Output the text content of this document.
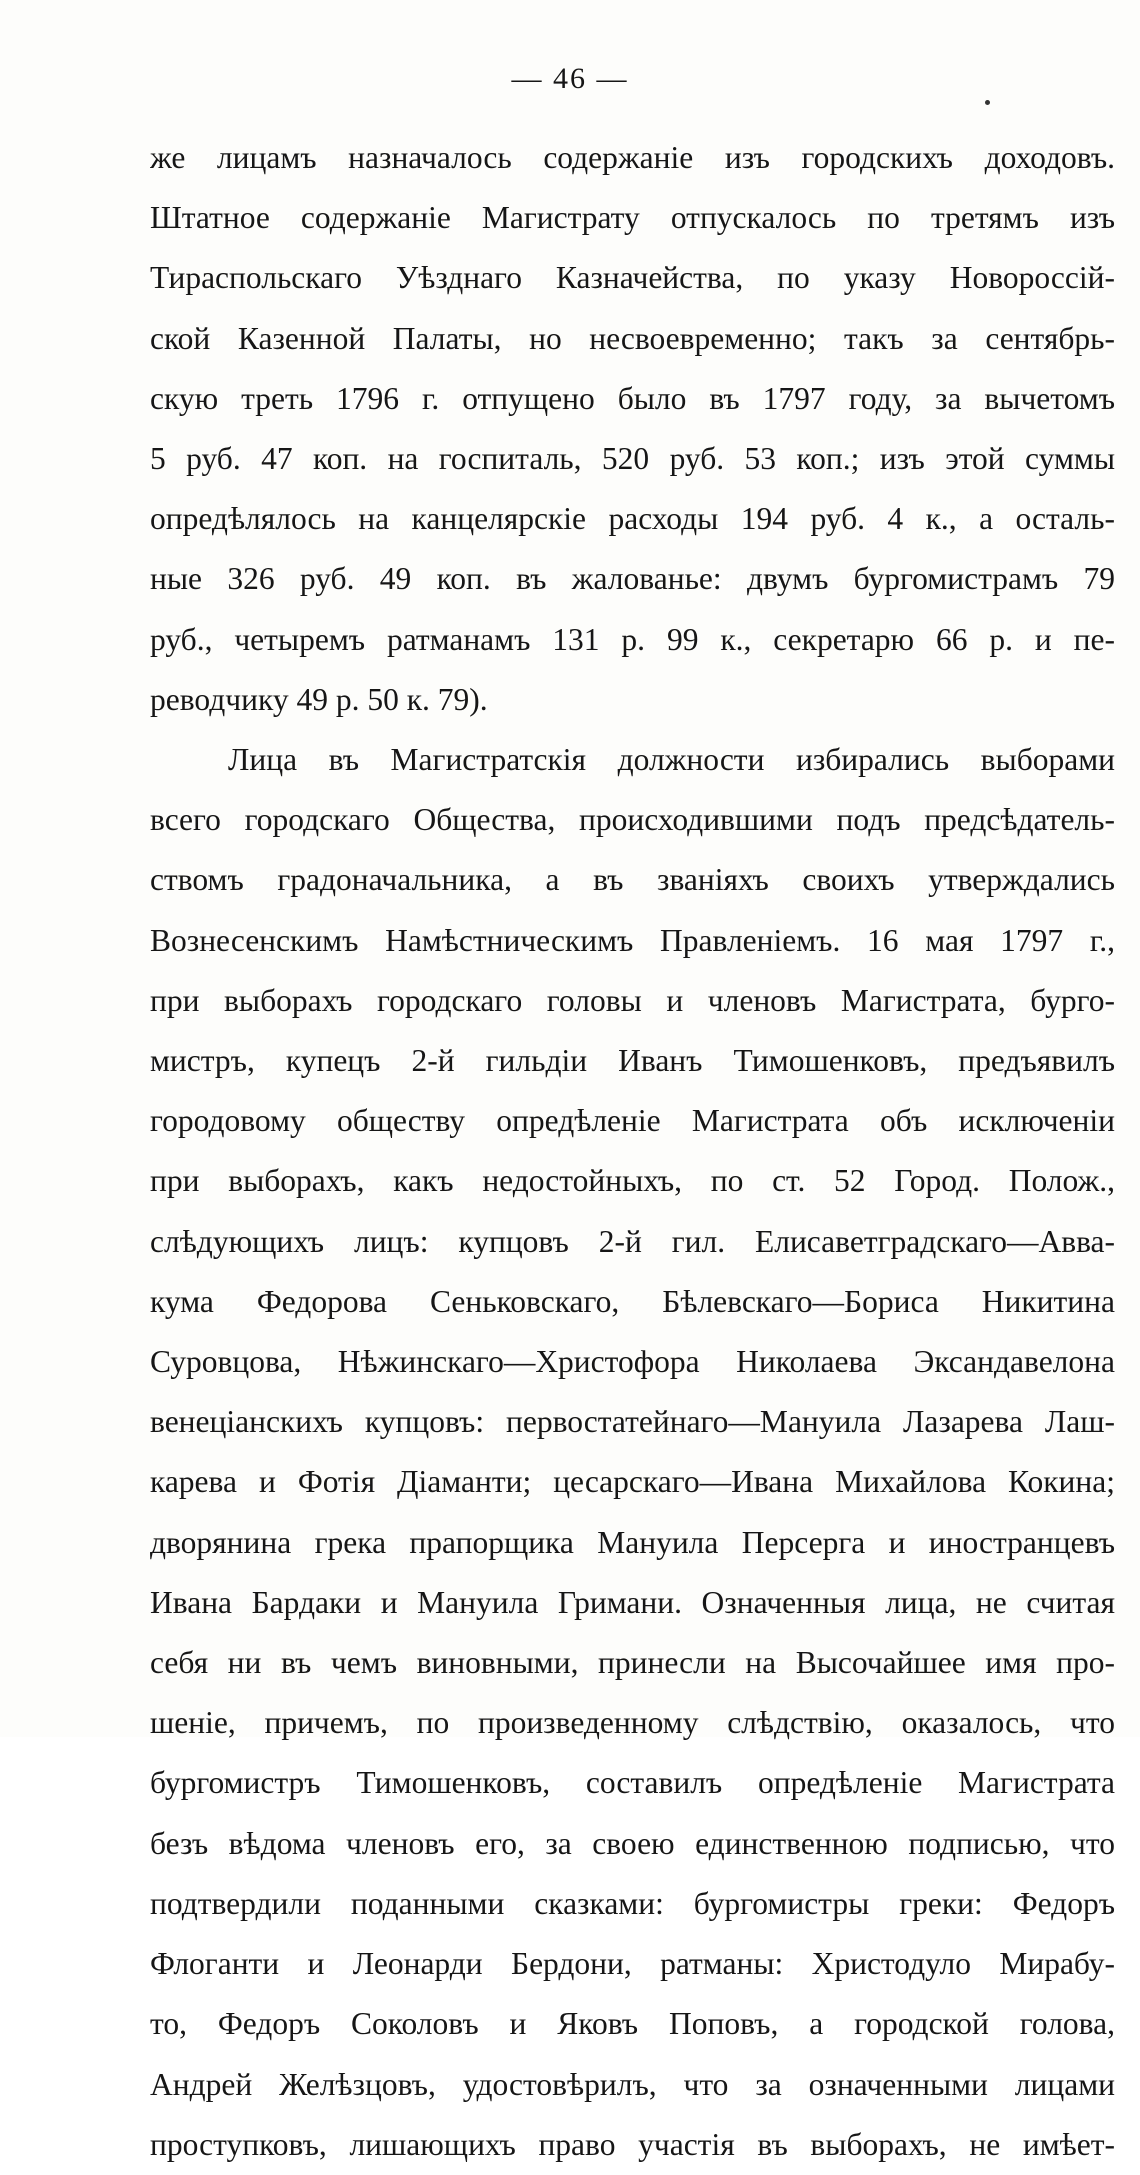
— 46 —
же лицамъ назначалось содержаніе изъ городскихъ доходовъ.
Штатное содержаніе Магистрату отпускалось по третямъ изъ
Тираспольскаго Уѣзднаго Казначейства, по указу Новороссій-
ской Казенной Палаты, но несвоевременно; такъ за сентябрь-
скую треть 1796 г. отпущено было въ 1797 году, за вычетомъ
5 руб. 47 коп. на госпиталь, 520 руб. 53 коп.; изъ этой суммы
опредѣлялось на канцелярскіе расходы 194 руб. 4 к., а осталь-
ные 326 руб. 49 коп. въ жалованье: двумъ бургомистрамъ 79
руб., четыремъ ратманамъ 131 р. 99 к., секретарю 66 р. и пе-
реводчику 49 р. 50 к. 79).
Лица въ Магистратскія должности избирались выборами
всего городскаго Общества, происходившими подъ предсѣдатель-
ствомъ градоначальника, а въ званіяхъ своихъ утверждались
Вознесенскимъ Намѣстническимъ Правленіемъ. 16 мая 1797 г.,
при выборахъ городскаго головы и членовъ Магистрата, бурго-
мистръ, купецъ 2-й гильдіи Иванъ Тимошенковъ, предъявилъ
городовому обществу опредѣленіе Магистрата объ исключеніи
при выборахъ, какъ недостойныхъ, по ст. 52 Город. Полож.,
слѣдующихъ лицъ: купцовъ 2-й гил. Елисаветградскаго—Авва-
кума Федорова Сеньковскаго, Бѣлевскаго—Бориса Никитина
Суровцова, Нѣжинскаго—Христофора Николаева Эксандавелона
венеціанскихъ купцовъ: первостатейнаго—Мануила Лазарева Лаш-
карева и Фотія Діаманти; цесарскаго—Ивана Михайлова Кокина;
дворянина грека прапорщика Мануила Персерга и иностранцевъ
Ивана Бардаки и Мануила Гримани. Означенныя лица, не считая
себя ни въ чемъ виновными, принесли на Высочайшее имя про-
шеніе, причемъ, по произведенному слѣдствію, оказалось, что
бургомистръ Тимошенковъ, составилъ опредѣленіе Магистрата
безъ вѣдома членовъ его, за своею единственною подписью, что
подтвердили поданными сказками: бургомистры греки: Федоръ
Флоганти и Леонарди Бердони, ратманы: Христодуло Мирабу-
то, Федоръ Соколовъ и Яковъ Поповъ, а городской голова,
Андрей Желѣзцовъ, удостовѣрилъ, что за означенными лицами
проступковъ, лишающихъ право участія въ выборахъ, не имѣет-
